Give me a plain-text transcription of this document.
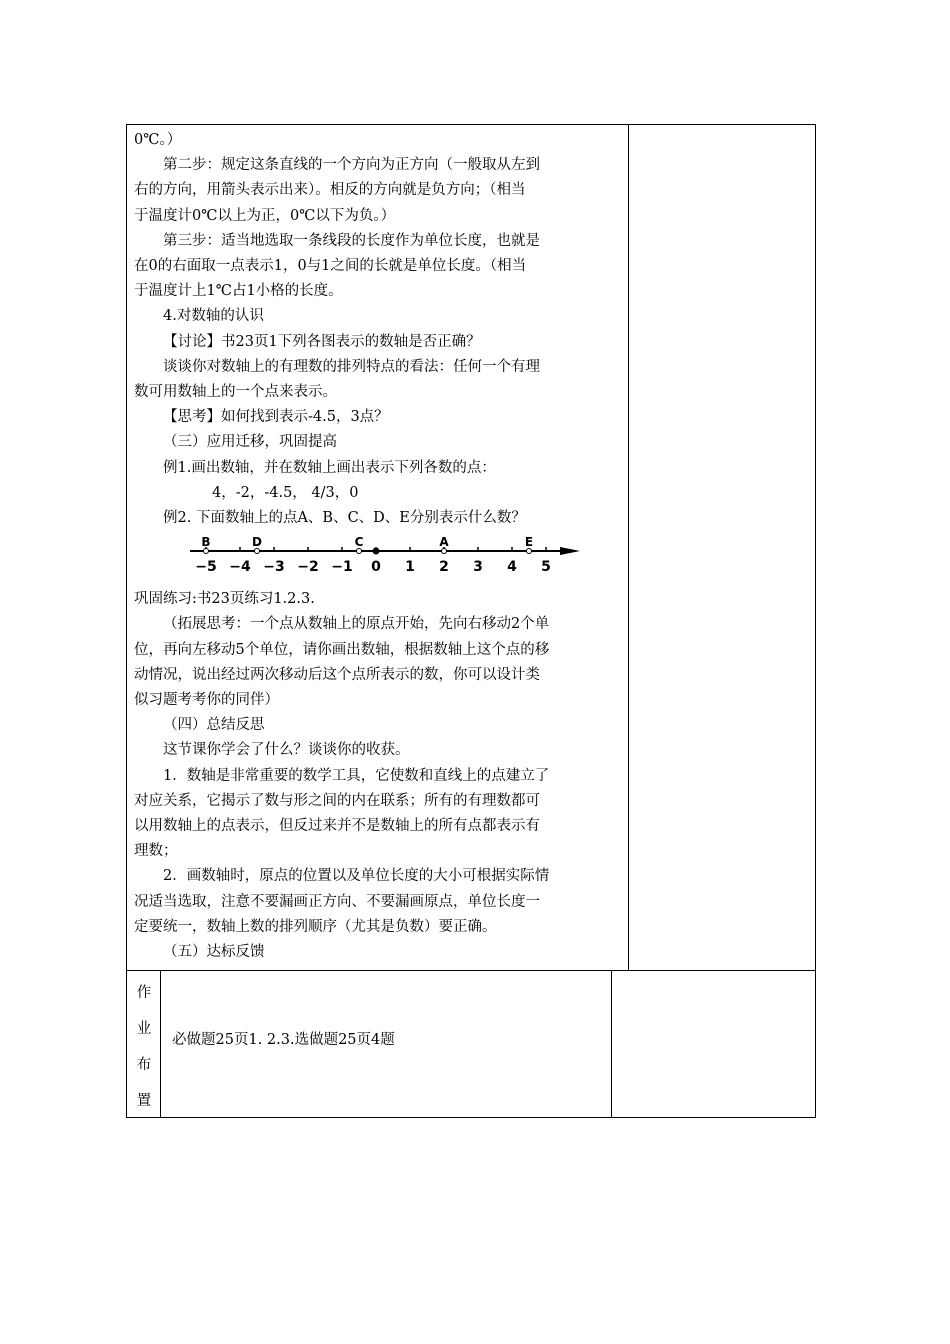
0℃。）

第二步：规定这条直线的一个方向为正方向（一般取从左到

右的方向，用箭头表示出来）。相反的方向就是负方向；（相当

于温度计0℃以上为正，0℃以下为负。）

第三步：适当地选取一条线段的长度作为单位长度，也就是

在0的右面取一点表示1，0与1之间的长就是单位长度。（相当

于温度计上1℃占1小格的长度。

4.对数轴的认识

【讨论】书23页1下列各图表示的数轴是否正确？

谈谈你对数轴上的有理数的排列特点的看法：任何一个有理

数可用数轴上的一个点来表示。

【思考】如何找到表示-4.5，3点？

（三）应用迁移，巩固提高

例1.画出数轴，并在数轴上画出表示下列各数的点：

4，-2，-4.5， 4/3，0

例2. 下面数轴上的点A、B、C、D、E分别表示什么数？

−5 −4 −3 −2 −1 0 1 2 3 4 5
B	D	C	A	E

巩固练习:书23页练习1.2.3.

（拓展思考：一个点从数轴上的原点开始，先向右移动2个单

位，再向左移动5个单位，请你画出数轴，根据数轴上这个点的移

动情况，说出经过两次移动后这个点所表示的数，你可以设计类

似习题考考你的同伴）

（四）总结反思

这节课你学会了什么？谈谈你的收获。

1．数轴是非常重要的数学工具，它使数和直线上的点建立了

对应关系，它揭示了数与形之间的内在联系；所有的有理数都可

以用数轴上的点表示，但反过来并不是数轴上的所有点都表示有

理数；

2．画数轴时，原点的位置以及单位长度的大小可根据实际情

况适当选取，注意不要漏画正方向、不要漏画原点，单位长度一

定要统一，数轴上数的排列顺序（尤其是负数）要正确。

（五）达标反馈

作
业
布
置
必做题25页1. 2.3.选做题25页4题
